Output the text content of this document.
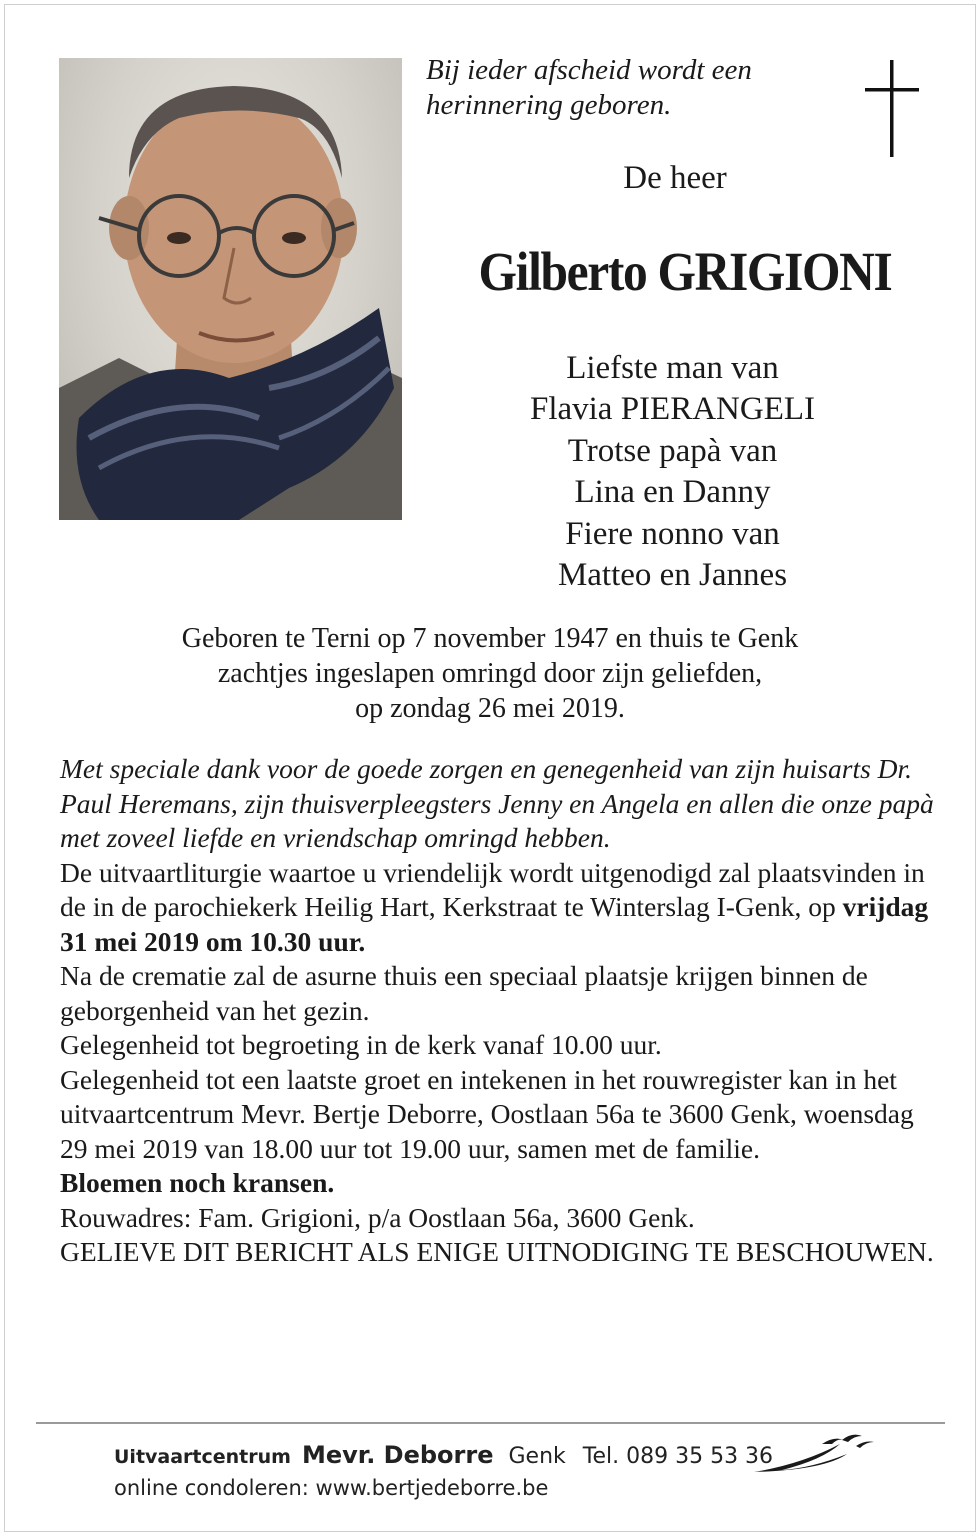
Bij ieder afscheid wordt een
herinnering geboren.
De heer
Gilberto GRIGIONI
Liefste man van
Flavia PIERANGELI
Trotse papà van
Lina en Danny
Fiere nonno van
Matteo en Jannes
Geboren te Terni op 7 november 1947 en thuis te Genk
zachtjes ingeslapen omringd door zijn geliefden,
op zondag 26 mei 2019.

Met speciale dank voor de goede zorgen en genegenheid van zijn huisarts Dr. Paul Heremans, zijn thuisverpleegsters Jenny en Angela en allen die onze papà met zoveel liefde en vriendschap omringd hebben.

De uitvaartliturgie waartoe u vriendelijk wordt uitgenodigd zal plaatsvinden in de in de parochiekerk Heilig Hart, Kerkstraat te Winterslag I-Genk, op vrijdag 31 mei 2019 om 10.30 uur.

Na de crematie zal de asurne thuis een speciaal plaatsje krijgen binnen de geborgenheid van het gezin.

Gelegenheid tot begroeting in de kerk vanaf 10.00 uur.

Gelegenheid tot een laatste groet en intekenen in het rouwregister kan in het uitvaartcentrum Mevr. Bertje Deborre, Oostlaan 56a te 3600 Genk, woensdag 29 mei 2019 van 18.00 uur tot 19.00 uur, samen met de familie.

Bloemen noch kransen.

Rouwadres: Fam. Grigioni, p/a Oostlaan 56a, 3600 Genk.

GELIEVE DIT BERICHT ALS ENIGE UITNODIGING TE BESCHOUWEN.

Uitvaartcentrum Mevr. Deborre Genk Tel. 089 35 53 36
online condoleren: www.bertjedeborre.be
